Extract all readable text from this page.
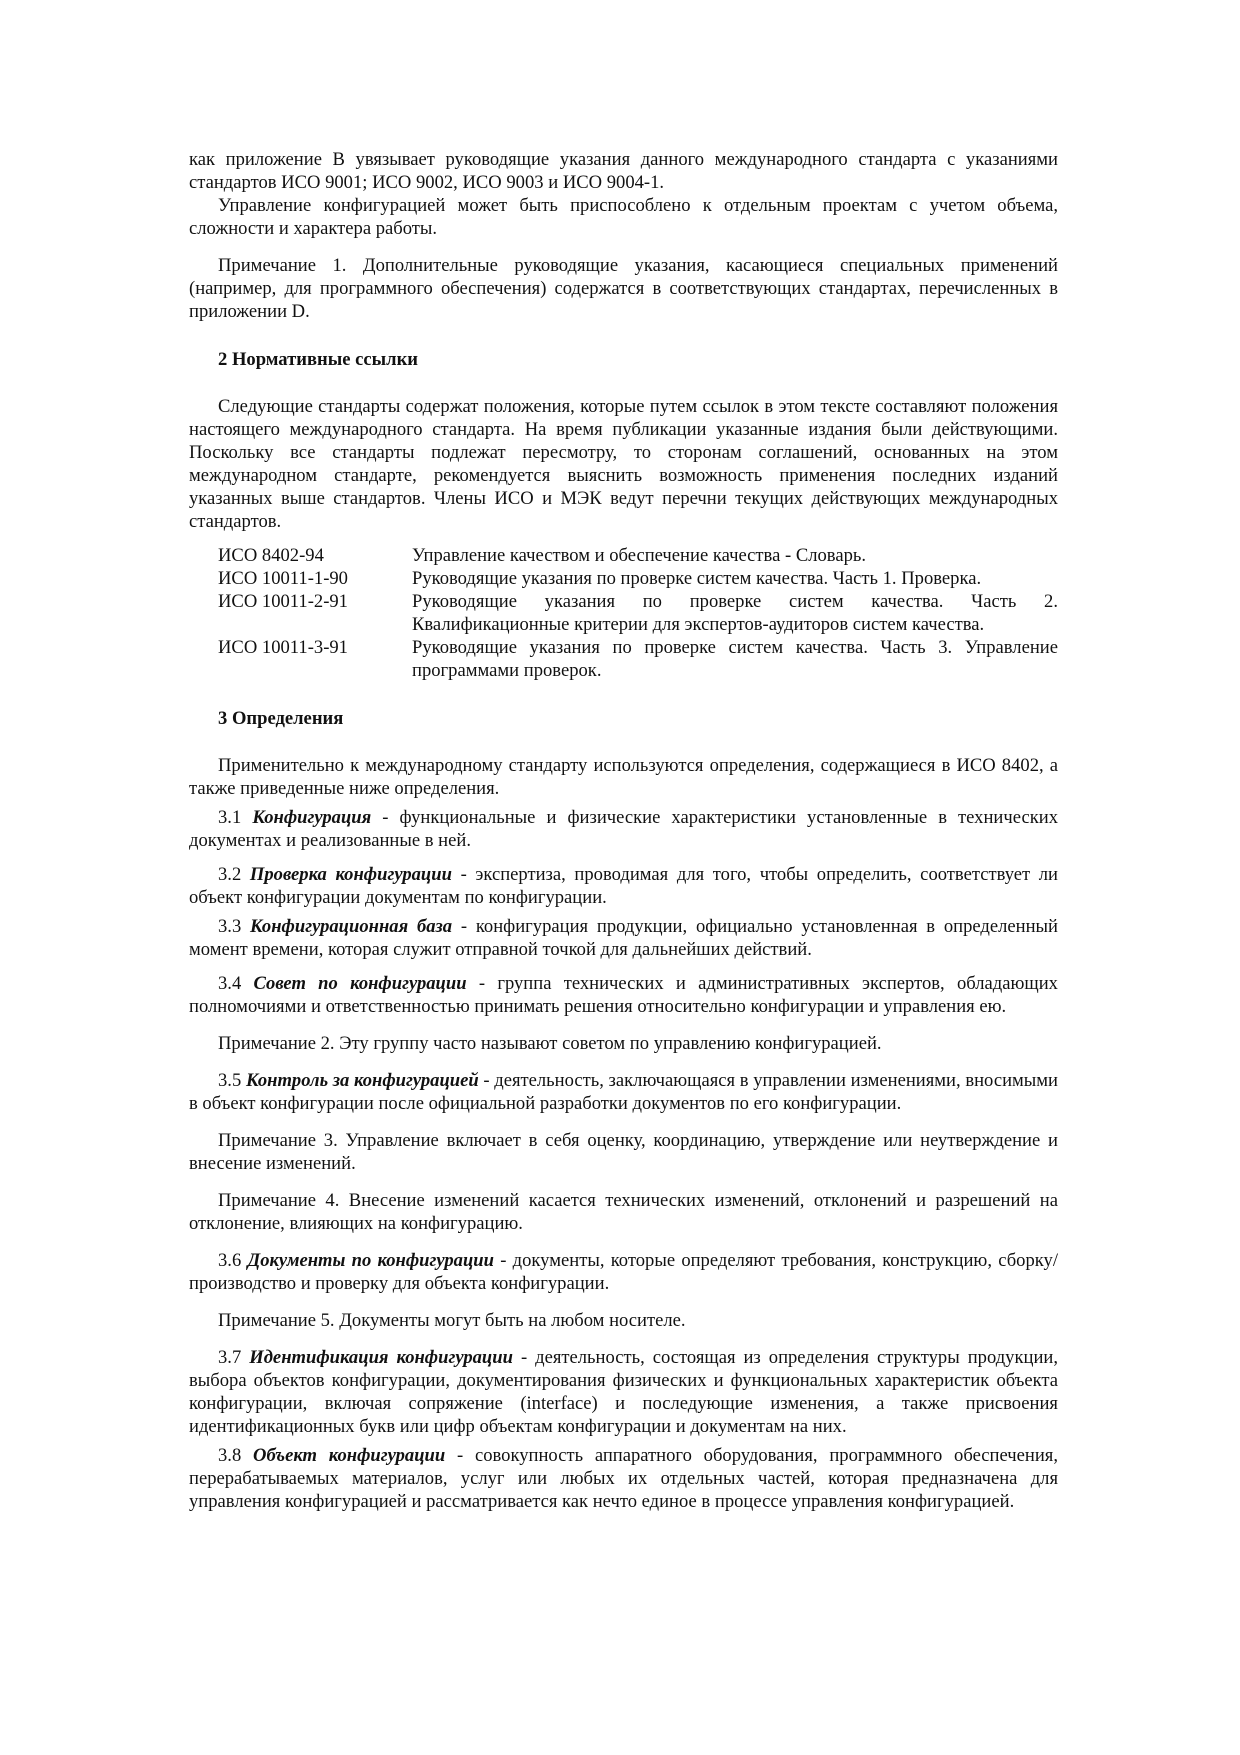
как приложение В увязывает руководящие указания данного международного стандарта с указаниями стандартов ИСО 9001; ИСО 9002, ИСО 9003 и ИСО 9004-1.

Управление конфигурацией может быть приспособлено к отдельным проектам с учетом объема, сложности и характера работы.

Примечание 1. Дополнительные руководящие указания, касающиеся специальных применений (например, для программного обеспечения) содержатся в соответствующих стандартах, перечисленных в приложении D.

2 Нормативные ссылки

Следующие стандарты содержат положения, которые путем ссылок в этом тексте составляют положения настоящего международного стандарта. На время публикации указанные издания были действующими. Поскольку все стандарты подлежат пересмотру, то сторонам соглашений, основанных на этом международном стандарте, рекомендуется выяснить возможность применения последних изданий указанных выше стандартов. Члены ИСО и МЭК ведут перечни текущих действующих международных стандартов.

ИСО 8402-94	Управление качеством и обеспечение качества - Словарь.
ИСО 10011-1-90	Руководящие указания по проверке систем качества. Часть 1. Проверка.
ИСО 10011-2-91	Руководящие указания по проверке систем качества. Часть 2. Квалификационные критерии для экспертов-аудиторов систем качества.
ИСО 10011-3-91	Руководящие указания по проверке систем качества. Часть 3. Управление программами проверок.
3 Определения

Применительно к международному стандарту используются определения, содержащиеся в ИСО 8402, а также приведенные ниже определения.

3.1 Конфигурация - функциональные и физические характеристики установленные в технических документах и реализованные в ней.

3.2 Проверка конфигурации - экспертиза, проводимая для того, чтобы определить, соответствует ли объект конфигурации документам по конфигурации.

3.3 Конфигурационная база - конфигурация продукции, официально установленная в определенный момент времени, которая служит отправной точкой для дальнейших действий.

3.4 Совет по конфигурации - группа технических и административных экспертов, обладающих полномочиями и ответственностью принимать решения относительно конфигурации и управления ею.

Примечание 2. Эту группу часто называют советом по управлению конфигурацией.

3.5 Контроль за конфигурацией - деятельность, заключающаяся в управлении изменениями, вносимыми в объект конфигурации после официальной разработки документов по его конфигурации.

Примечание 3. Управление включает в себя оценку, координацию, утверждение или неутверждение и внесение изменений.

Примечание 4. Внесение изменений касается технических изменений, отклонений и разрешений на отклонение, влияющих на конфигурацию.

3.6 Документы по конфигурации - документы, которые определяют требования, конструкцию, сборку/производство и проверку для объекта конфигурации.

Примечание 5. Документы могут быть на любом носителе.

3.7 Идентификация конфигурации - деятельность, состоящая из определения структуры продукции, выбора объектов конфигурации, документирования физических и функциональных характеристик объекта конфигурации, включая сопряжение (interface) и последующие изменения, а также присвоения идентификационных букв или цифр объектам конфигурации и документам на них.

3.8 Объект конфигурации - совокупность аппаратного оборудования, программного обеспечения, перерабатываемых материалов, услуг или любых их отдельных частей, которая предназначена для управления конфигурацией и рассматривается как нечто единое в процессе управления конфигурацией.
